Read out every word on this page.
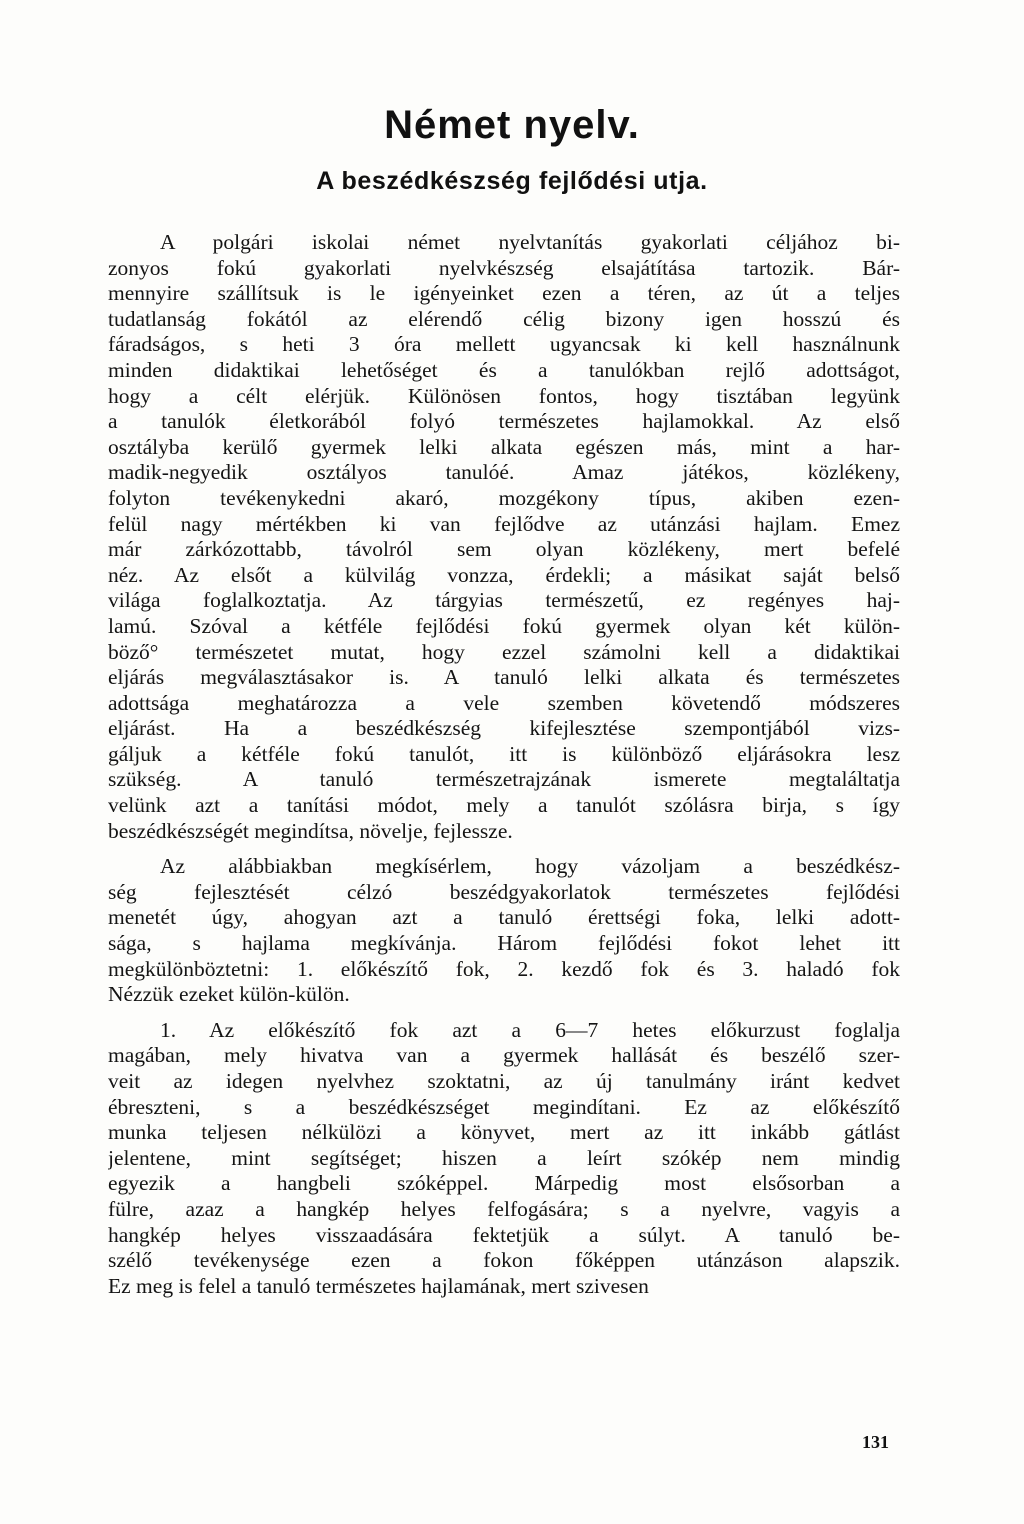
Német nyelv.
A beszédkészség fejlődési utja.
A polgári iskolai német nyelvtanítás gyakorlati céljához bi-
zonyos fokú gyakorlati nyelvkészség elsajátítása tartozik. Bár-
mennyire szállítsuk is le igényeinket ezen a téren, az út a teljes
tudatlanság fokától az elérendő célig bizony igen hosszú és
fáradságos, s heti 3 óra mellett ugyancsak ki kell használnunk
minden didaktikai lehetőséget és a tanulókban rejlő adottságot,
hogy a célt elérjük. Különösen fontos, hogy tisztában legyünk
a tanulók életkorából folyó természetes hajlamokkal. Az első
osztályba kerülő gyermek lelki alkata egészen más, mint a har-
madik-negyedik osztályos tanulóé. Amaz játékos, közlékeny,
folyton tevékenykedni akaró, mozgékony típus, akiben ezen-
felül nagy mértékben ki van fejlődve az utánzási hajlam. Emez
már zárkózottabb, távolról sem olyan közlékeny, mert befelé
néz. Az elsőt a külvilág vonzza, érdekli; a másikat saját belső
világa foglalkoztatja. Az tárgyias természetű, ez regényes haj-
lamú. Szóval a kétféle fejlődési fokú gyermek olyan két külön-
böző° természetet mutat, hogy ezzel számolni kell a didaktikai
eljárás megválasztásakor is. A tanuló lelki alkata és természetes
adottsága meghatározza a vele szemben követendő módszeres
eljárást. Ha a beszédkészség kifejlesztése szempontjából vizs-
gáljuk a kétféle fokú tanulót, itt is különböző eljárásokra lesz
szükség. A tanuló természetrajzának ismerete megtaláltatja
velünk azt a tanítási módot, mely a tanulót szólásra birja, s így
beszédkészségét megindítsa, növelje, fejlessze.
Az alábbiakban megkísérlem, hogy vázoljam a beszédkész-
ség fejlesztését célzó beszédgyakorlatok természetes fejlődési
menetét úgy, ahogyan azt a tanuló érettségi foka, lelki adott-
sága, s hajlama megkívánja. Három fejlődési fokot lehet itt
megkülönböztetni: 1. előkészítő fok, 2. kezdő fok és 3. haladó fok
Nézzük ezeket külön-külön.
1. Az előkészítő fok azt a 6—7 hetes előkurzust foglalja
magában, mely hivatva van a gyermek hallását és beszélő szer-
veit az idegen nyelvhez szoktatni, az új tanulmány iránt kedvet
ébreszteni, s a beszédkészséget megindítani. Ez az előkészítő
munka teljesen nélkülözi a könyvet, mert az itt inkább gátlást
jelentene, mint segítséget; hiszen a leírt szókép nem mindig
egyezik a hangbeli szóképpel. Márpedig most elsősorban a
fülre, azaz a hangkép helyes felfogására; s a nyelvre, vagyis a
hangkép helyes visszaadására fektetjük a súlyt. A tanuló be-
szélő tevékenysége ezen a fokon főképpen utánzáson alapszik.
Ez meg is felel a tanuló természetes hajlamának, mert szivesen
131
